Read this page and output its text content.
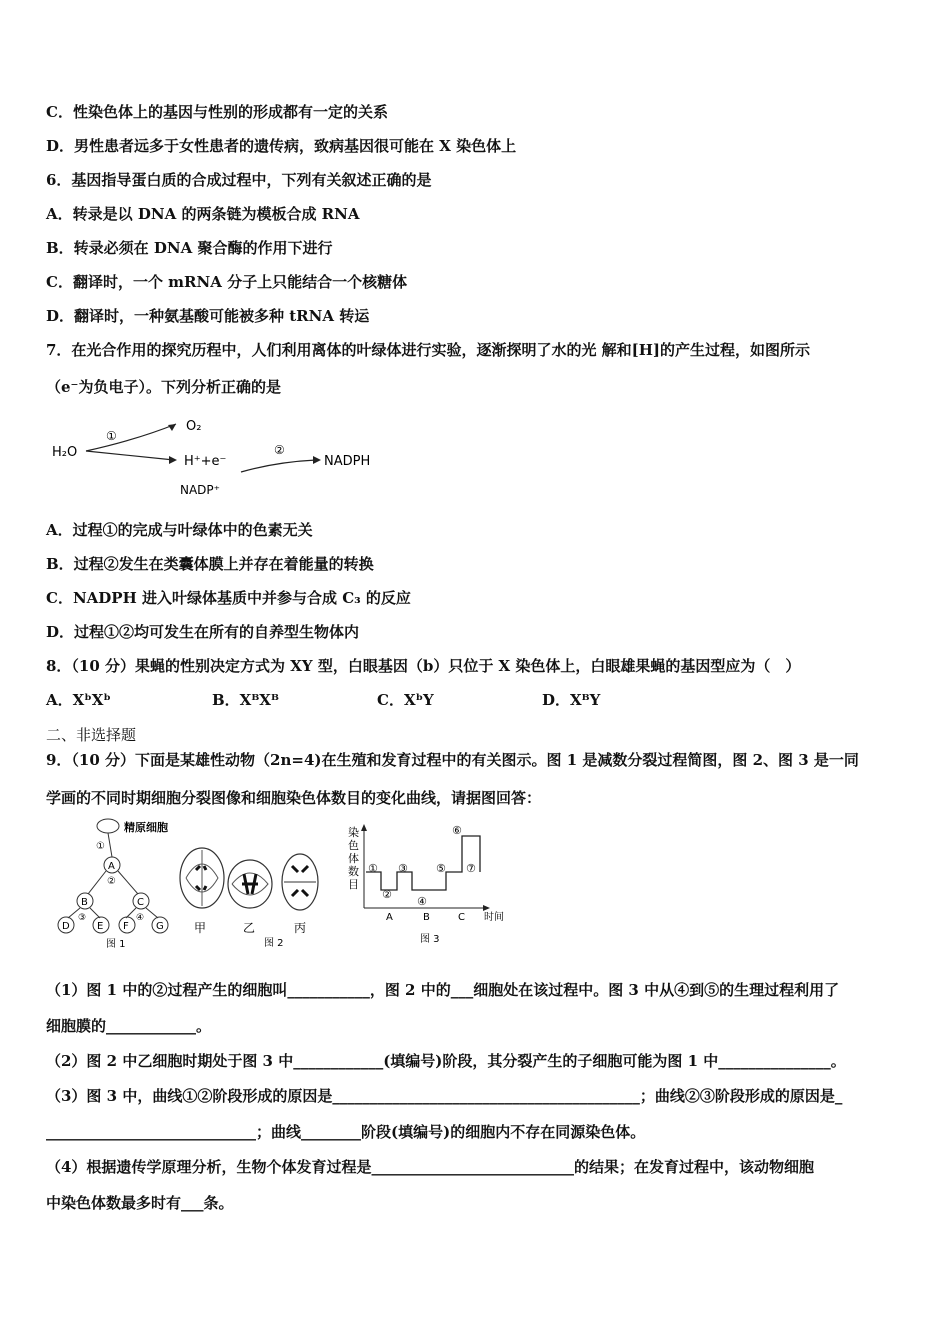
C．性染色体上的基因与性别的形成都有一定的关系
D．男性患者远多于女性患者的遗传病，致病基因很可能在 X 染色体上
6．基因指导蛋白质的合成过程中，下列有关叙述正确的是
A．转录是以 DNA 的两条链为模板合成 RNA
B．转录必须在 DNA 聚合酶的作用下进行
C．翻译时，一个 mRNA 分子上只能结合一个核糖体
D．翻译时，一种氨基酸可能被多种 tRNA 转运
7．在光合作用的探究历程中，人们利用离体的叶绿体进行实验，逐渐探明了水的光 解和[H]的产生过程，如图所示
（e⁻为负电子）。下列分析正确的是
H₂O
①
O₂
H⁺+e⁻
②
NADPH
NADP⁺
A．过程①的完成与叶绿体中的色素无关
B．过程②发生在类囊体膜上并存在着能量的转换
C．NADPH 进入叶绿体基质中并参与合成 C₃ 的反应
D．过程①②均可发生在所有的自养型生物体内
8．（10 分）果蝇的性别决定方式为 XY 型，白眼基因（b）只位于 X 染色体上，白眼雄果蝇的基因型应为（　）
A．XᵇXᵇ	B．XᴮXᴮ	C．XᵇY	D．XᴮY
二、非选择题
9．（10 分）下面是某雄性动物（2n=4)在生殖和发育过程中的有关图示。图 1 是减数分裂过程简图，图 2、图 3 是一同
学画的不同时期细胞分裂图像和细胞染色体数目的变化曲线，请据图回答：
精原细胞
①
A
②
B	C
③	④
D	E F	G
图 1
甲	乙	丙
图 2
染色体数目
A	B	C 时间
①
②
③
④
⑤
⑥
⑦
图 3
（1）图 1 中的②过程产生的细胞叫___________，图 2 中的___细胞处在该过程中。图 3 中从④到⑤的生理过程利用了
细胞膜的____________。
（2）图 2 中乙细胞时期处于图 3 中____________(填编号)阶段，其分裂产生的子细胞可能为图 1 中_______________。
（3）图 3 中，曲线①②阶段形成的原因是_________________________________________；曲线②③阶段形成的原因是_
____________________________；曲线________阶段(填编号)的细胞内不存在同源染色体。
（4）根据遗传学原理分析，生物个体发育过程是___________________________的结果；在发育过程中，该动物细胞
中染色体数最多时有___条。
